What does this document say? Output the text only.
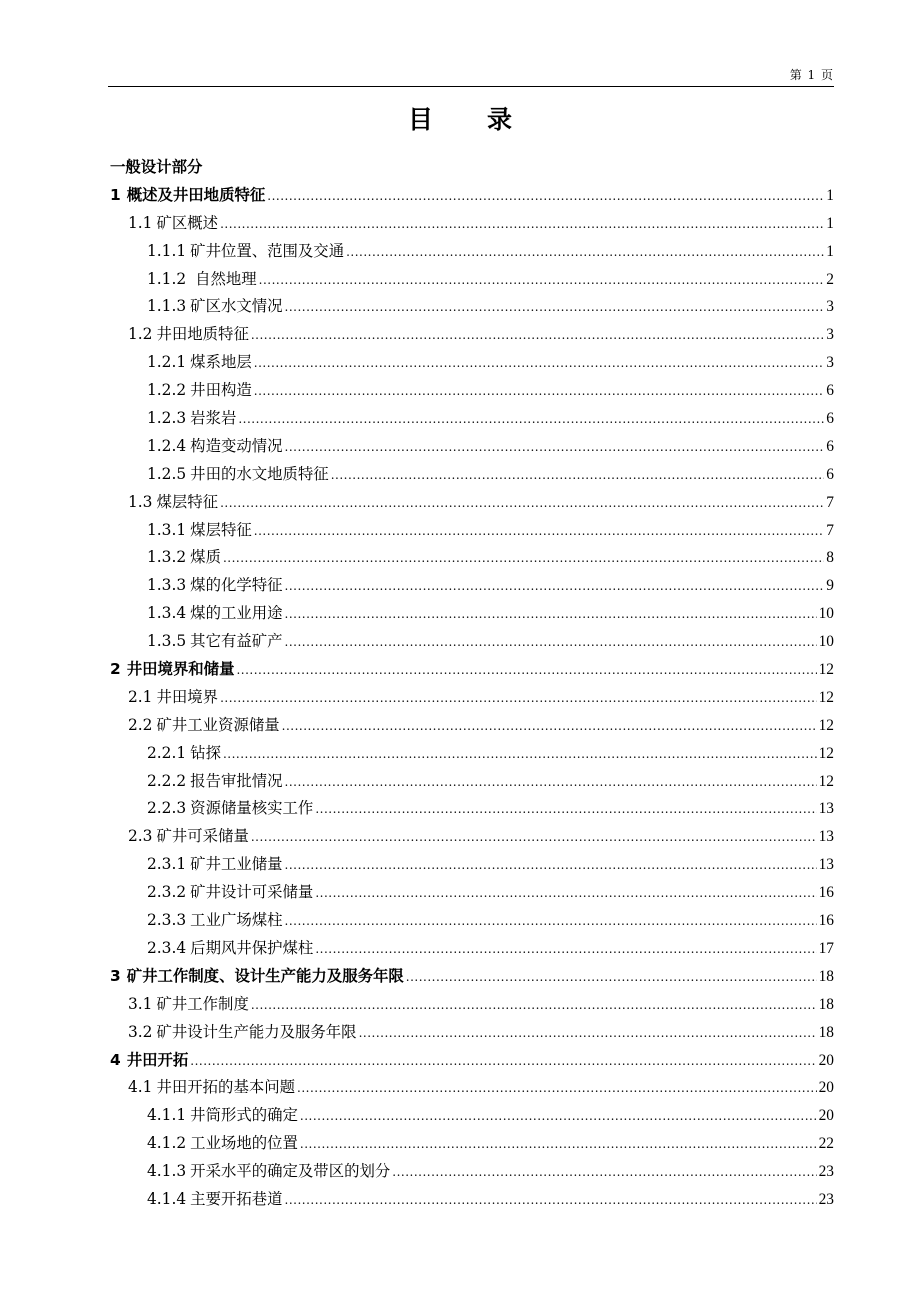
第 1 页
目 录
一般设计部分
1 概述及井田地质特征 .....	1
1.1 矿区概述 .....	1
1.1.1 矿井位置、范围及交通 .....	1
1.1.2 自然地理 .....	2
1.1.3 矿区水文情况 .....	3
1.2 井田地质特征 .....	3
1.2.1 煤系地层 .....	3
1.2.2 井田构造 .....	6
1.2.3 岩浆岩 .....	6
1.2.4 构造变动情况 .....	6
1.2.5 井田的水文地质特征 .....	6
1.3 煤层特征 .....	7
1.3.1 煤层特征 .....	7
1.3.2 煤质 .....	8
1.3.3 煤的化学特征 .....	9
1.3.4 煤的工业用途 .....	10
1.3.5 其它有益矿产 .....	10
2 井田境界和储量 .....	12
2.1 井田境界 .....	12
2.2 矿井工业资源储量 .....	12
2.2.1 钻探 .....	12
2.2.2 报告审批情况 .....	12
2.2.3 资源储量核实工作 .....	13
2.3 矿井可采储量 .....	13
2.3.1 矿井工业储量 .....	13
2.3.2 矿井设计可采储量 .....	16
2.3.3 工业广场煤柱 .....	16
2.3.4 后期风井保护煤柱 .....	17
3 矿井工作制度、设计生产能力及服务年限 .....	18
3.1 矿井工作制度 .....	18
3.2 矿井设计生产能力及服务年限 .....	18
4 井田开拓 .....	20
4.1 井田开拓的基本问题 .....	20
4.1.1 井筒形式的确定 .....	20
4.1.2 工业场地的位置 .....	22
4.1.3 开采水平的确定及带区的划分 .....	23
4.1.4 主要开拓巷道 .....	23
